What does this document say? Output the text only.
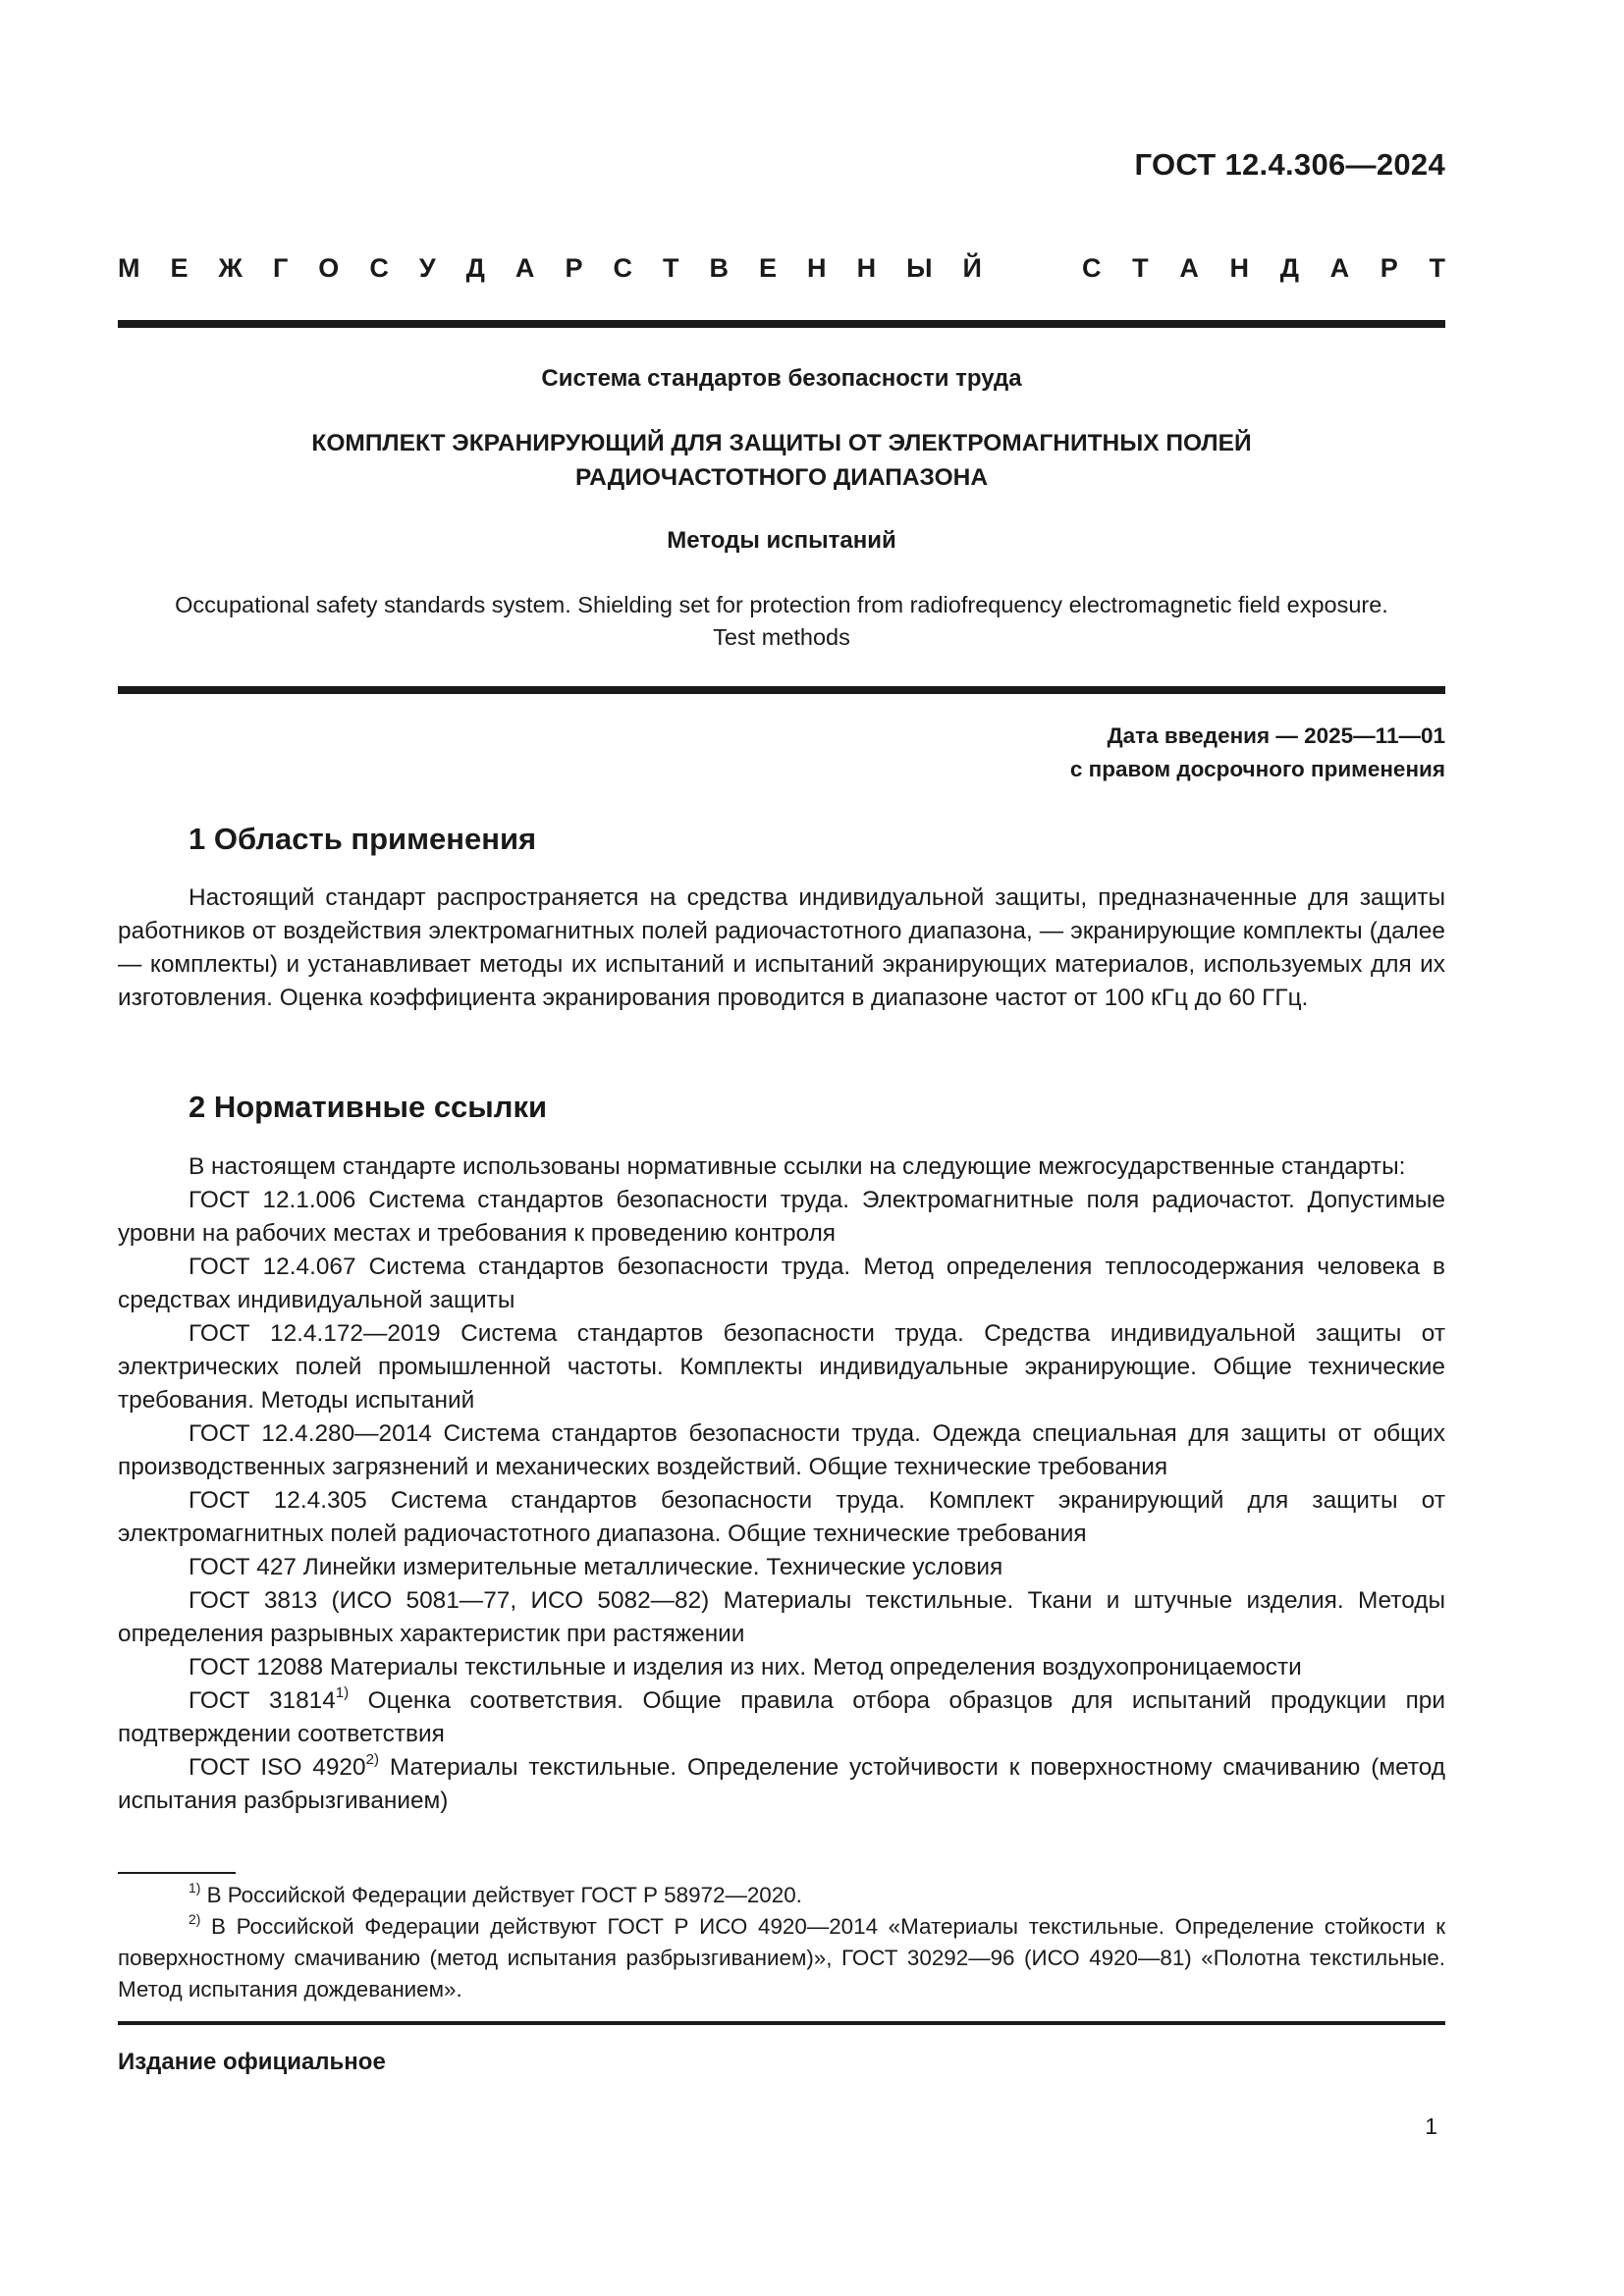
ГОСТ 12.4.306—2024
М Е Ж Г О С У Д А Р С Т В Е Н Н Ы Й	С Т А Н Д А Р Т
Система стандартов безопасности труда
КОМПЛЕКТ ЭКРАНИРУЮЩИЙ ДЛЯ ЗАЩИТЫ ОТ ЭЛЕКТРОМАГНИТНЫХ ПОЛЕЙ
РАДИОЧАСТОТНОГО ДИАПАЗОНА
Методы испытаний
Occupational safety standards system. Shielding set for protection from radiofrequency electromagnetic field exposure.
Test methods
Дата введения — 2025—11—01
с правом досрочного применения
1 Область применения

Настоящий стандарт распространяется на средства индивидуальной защиты, предназначенные для защиты работников от воздействия электромагнитных полей радиочастотного диапазона, — экранирующие комплекты (далее — комплекты) и устанавливает методы их испытаний и испытаний экранирующих материалов, используемых для их изготовления. Оценка коэффициента экранирования проводится в диапазоне частот от 100 кГц до 60 ГГц.

2 Нормативные ссылки

В настоящем стандарте использованы нормативные ссылки на следующие межгосударственные стандарты:

ГОСТ 12.1.006 Система стандартов безопасности труда. Электромагнитные поля радиочастот. Допустимые уровни на рабочих местах и требования к проведению контроля

ГОСТ 12.4.067 Система стандартов безопасности труда. Метод определения теплосодержания человека в средствах индивидуальной защиты

ГОСТ 12.4.172—2019 Система стандартов безопасности труда. Средства индивидуальной защиты от электрических полей промышленной частоты. Комплекты индивидуальные экранирующие. Общие технические требования. Методы испытаний

ГОСТ 12.4.280—2014 Система стандартов безопасности труда. Одежда специальная для защиты от общих производственных загрязнений и механических воздействий. Общие технические требования

ГОСТ 12.4.305 Система стандартов безопасности труда. Комплект экранирующий для защиты от электромагнитных полей радиочастотного диапазона. Общие технические требования

ГОСТ 427 Линейки измерительные металлические. Технические условия

ГОСТ 3813 (ИСО 5081—77, ИСО 5082—82) Материалы текстильные. Ткани и штучные изделия. Методы определения разрывных характеристик при растяжении

ГОСТ 12088 Материалы текстильные и изделия из них. Метод определения воздухопроницаемости

ГОСТ 31814$^{1)}$ Оценка соответствия. Общие правила отбора образцов для испытаний продукции при подтверждении соответствия

ГОСТ ISO 4920$^{2)}$ Материалы текстильные. Определение устойчивости к поверхностному смачиванию (метод испытания разбрызгиванием)

$^{1)}$ В Российской Федерации действует ГОСТ Р 58972—2020.

$^{2)}$ В Российской Федерации действуют ГОСТ Р ИСО 4920—2014 «Материалы текстильные. Определение стойкости к поверхностному смачиванию (метод испытания разбрызгиванием)», ГОСТ 30292—96 (ИСО 4920—81) «Полотна текстильные. Метод испытания дождеванием».

Издание официальное
1
